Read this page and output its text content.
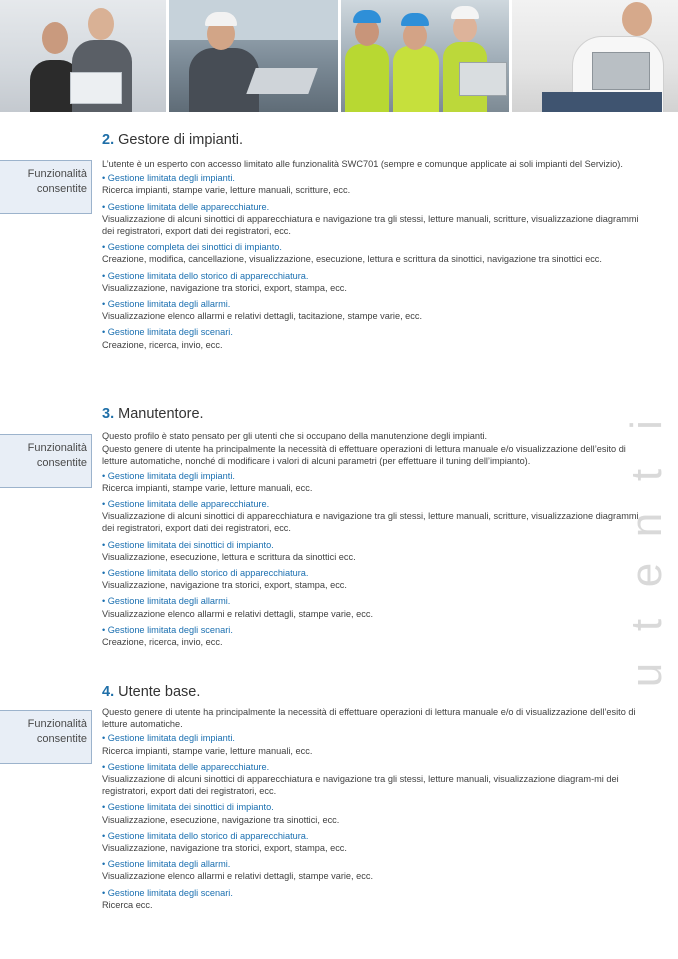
2. Gestore di impianti.
Funzionalità
consentite
L’utente è un esperto con accesso limitato alle funzionalità SWC701 (sempre e comunque applicate ai soli impianti del Servizio).
• Gestione limitata degli impianti.
Ricerca impianti, stampe varie, letture manuali, scritture, ecc.
• Gestione limitata delle apparecchiature.
Visualizzazione di alcuni sinottici di apparecchiatura e navigazione tra gli stessi, letture manuali, scritture, visualizzazione diagrammi dei registratori, export dati dei registratori, ecc.
• Gestione completa dei sinottici di impianto.
Creazione, modifica, cancellazione, visualizzazione, esecuzione, lettura e scrittura da sinottici, navigazione tra sinottici ecc.
• Gestione limitata dello storico di apparecchiatura.
Visualizzazione, navigazione tra storici, export, stampa, ecc.
• Gestione limitata degli allarmi.
Visualizzazione elenco allarmi e relativi dettagli, tacitazione, stampe varie, ecc.
• Gestione limitata degli scenari.
Creazione, ricerca, invio, ecc.
3. Manutentore.
Funzionalità
consentite
Questo profilo è stato pensato per gli utenti che si occupano della manutenzione degli impianti.
Questo genere di utente ha principalmente la necessità di effettuare operazioni di lettura manuale e/o visualizzazione dell’esito di letture automatiche, nonché di modificare i valori di alcuni parametri (per effettuare il tuning dell’impianto).
• Gestione limitata degli impianti.
Ricerca impianti, stampe varie, letture manuali, ecc.
• Gestione limitata delle apparecchiature.
Visualizzazione di alcuni sinottici di apparecchiatura e navigazione tra gli stessi, letture manuali, scritture, visualizzazione diagrammi dei registratori, export dati dei registratori, ecc.
• Gestione limitata dei sinottici di impianto.
Visualizzazione, esecuzione, lettura e scrittura da sinottici ecc.
• Gestione limitata dello storico di apparecchiatura.
Visualizzazione, navigazione tra storici, export, stampa, ecc.
• Gestione limitata degli allarmi.
Visualizzazione elenco allarmi e relativi dettagli, stampe varie, ecc.
• Gestione limitata degli scenari.
Creazione, ricerca, invio, ecc.
4. Utente base.
Funzionalità
consentite
Questo genere di utente ha principalmente la necessità di effettuare operazioni di lettura manuale e/o di visualizzazione dell’esito di letture automatiche.
• Gestione limitata degli impianti.
Ricerca impianti, stampe varie, letture manuali, ecc.
• Gestione limitata delle apparecchiature.
Visualizzazione di alcuni sinottici di apparecchiatura e navigazione tra gli stessi, letture manuali, visualizzazione diagram-mi dei registratori, export dati dei registratori, ecc.
• Gestione limitata dei sinottici di impianto.
Visualizzazione, esecuzione, navigazione tra sinottici, ecc.
• Gestione limitata dello storico di apparecchiatura.
Visualizzazione, navigazione tra storici, export, stampa, ecc.
• Gestione limitata degli allarmi.
Visualizzazione elenco allarmi e relativi dettagli, stampe varie, ecc.
• Gestione limitata degli scenari.
Ricerca ecc.
i
t
n
e
t
u
